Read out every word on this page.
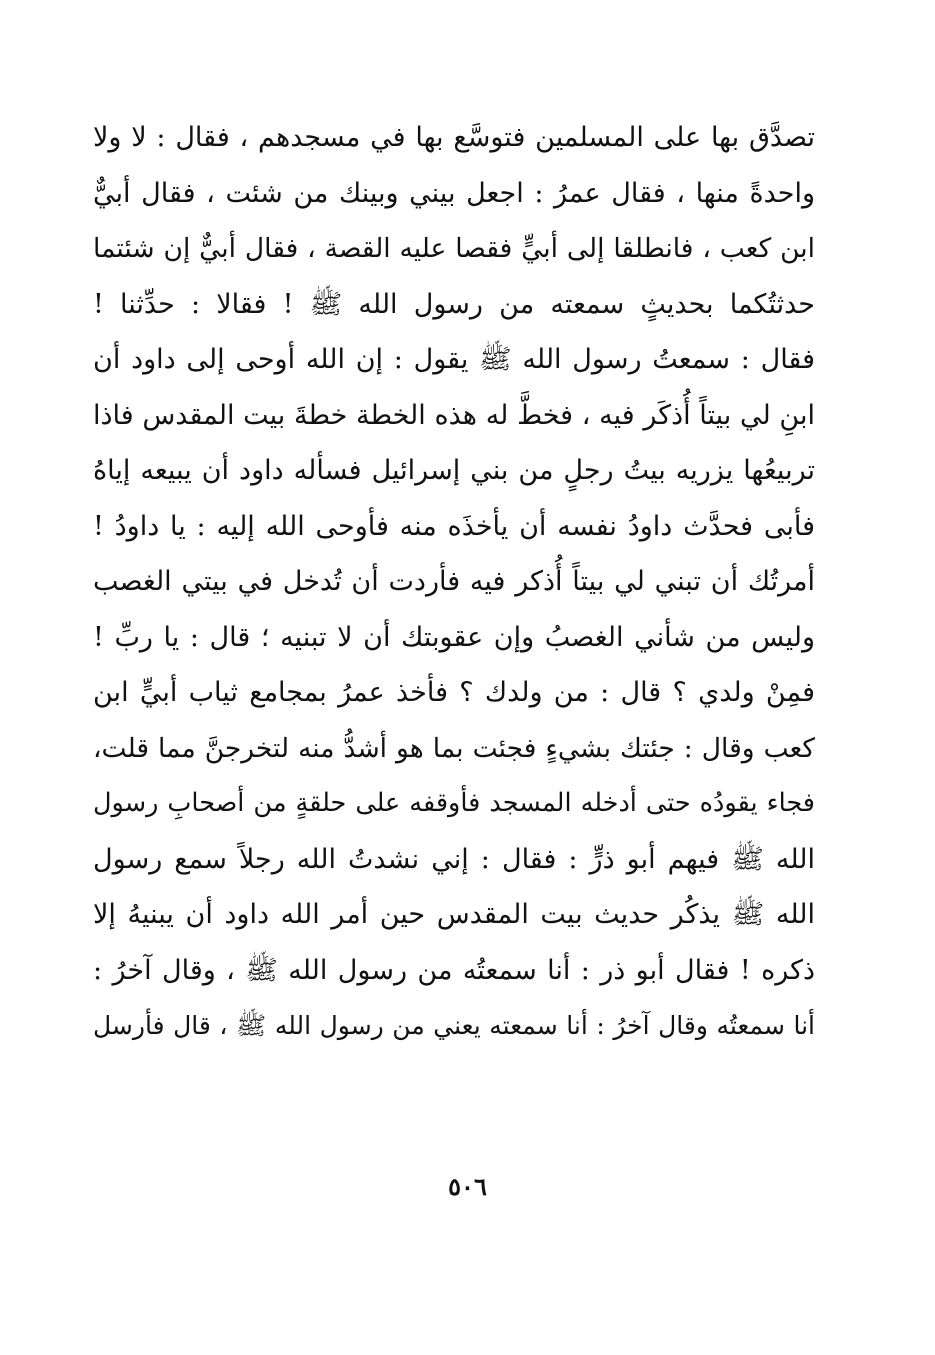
تصدَّق بها على المسلمين فتوسَّع بها في مسجدهم ، فقال : لا ولا
واحدةً منها ، فقال عمرُ : اجعل بيني وبينك من شئت ، فقال أبيٌّ
ابن كعب ، فانطلقا إلى أبيٍّ فقصا عليه القصة ، فقال أبيٌّ إن شئتما
حدثتُكما بحديثٍ سمعته من رسول الله ﷺ ! فقالا : حدِّثنا !
فقال : سمعتُ رسول الله ﷺ يقول : إن الله أوحى إلى داود أن
ابنِ لي بيتاً أُذكَر فيه ، فخطَّ له هذه الخطة خطةَ بيت المقدس فاذا
تربيعُها يزريه بيتُ رجلٍ من بني إسرائيل فسأله داود أن يبيعه إياهُ
فأبى فحدَّث داودُ نفسه أن يأخذَه منه فأوحى الله إليه : يا داودُ !
أمرتُك أن تبني لي بيتاً أُذكر فيه فأردت أن تُدخل في بيتي الغصب
وليس من شأني الغصبُ وإن عقوبتك أن لا تبنيه ؛ قال : يا ربِّ !
فمِنْ ولدي ؟ قال : من ولدك ؟ فأخذ عمرُ بمجامع ثياب أبيٍّ ابن
كعب وقال : جئتك بشيءٍ فجئت بما هو أشدُّ منه لتخرجنَّ مما قلت،
فجاء يقودُه حتى أدخله المسجد فأوقفه على حلقةٍ من أصحابِ رسول
الله ﷺ فيهم أبو ذرٍّ : فقال : إني نشدتُ الله رجلاً سمع رسول
الله ﷺ يذكُر حديث بيت المقدس حين أمر الله داود أن يبنيهُ إلا
ذكره ! فقال أبو ذر : أنا سمعتُه من رسول الله ﷺ ، وقال آخرُ :
أنا سمعتُه وقال آخرُ : أنا سمعته يعني من رسول الله ﷺ ، قال فأرسل
٥٠٦
